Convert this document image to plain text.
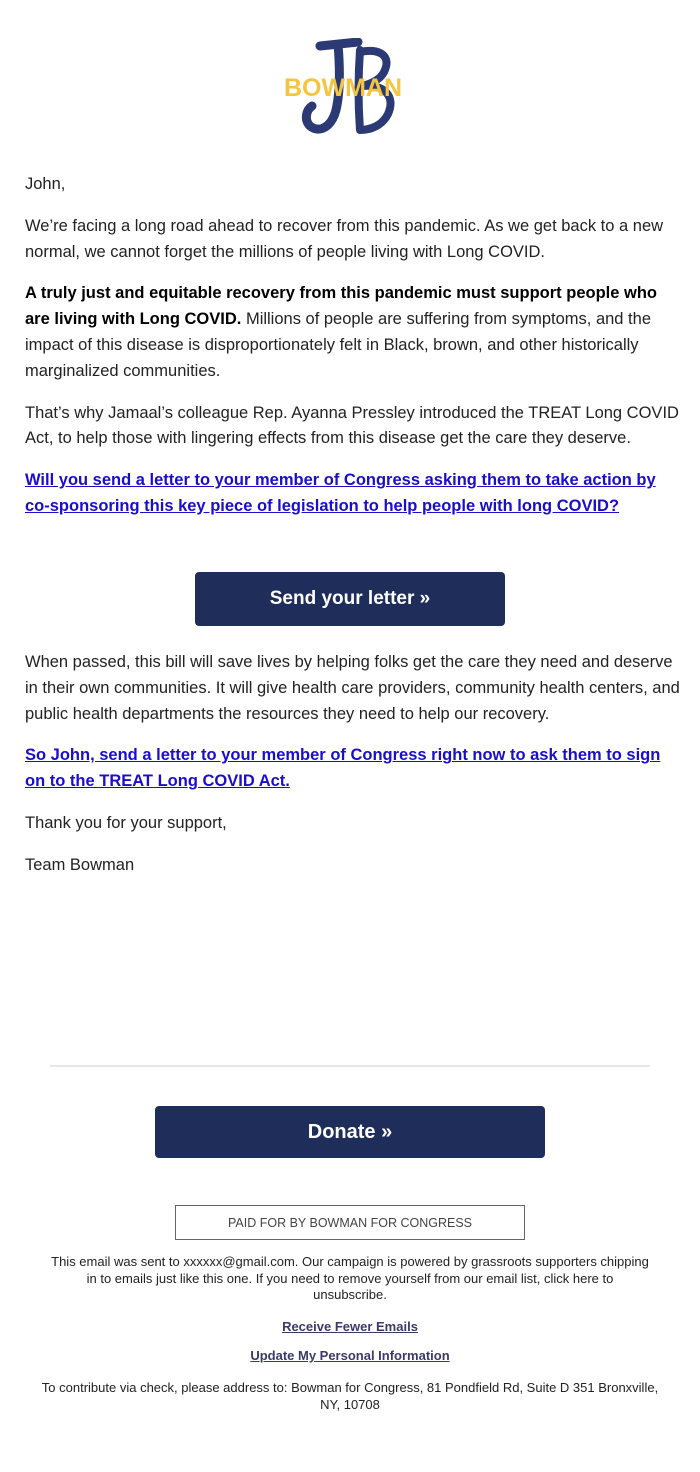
BOWMAN

John,

We’re facing a long road ahead to recover from this pandemic. As we get back to a new normal, we cannot forget the millions of people living with Long COVID.

A truly just and equitable recovery from this pandemic must support people who are living with Long COVID. Millions of people are suffering from symptoms, and the impact of this disease is disproportionately felt in Black, brown, and other historically marginalized communities.

That’s why Jamaal’s colleague Rep. Ayanna Pressley introduced the TREAT Long COVID Act, to help those with lingering effects from this disease get the care they deserve.

Will you send a letter to your member of Congress asking them to take action by co-sponsoring this key piece of legislation to help people with long COVID?

Send your letter »

When passed, this bill will save lives by helping folks get the care they need and deserve in their own communities. It will give health care providers, community health centers, and public health departments the resources they need to help our recovery.

So John, send a letter to your member of Congress right now to ask them to sign on to the TREAT Long COVID Act.

Thank you for your support,

Team Bowman

Donate »
PAID FOR BY BOWMAN FOR CONGRESS
This email was sent to xxxxxx@gmail.com. Our campaign is powered by grassroots supporters chipping in to emails just like this one. If you need to remove yourself from our email list, click here to unsubscribe.
Receive Fewer Emails
Update My Personal Information
To contribute via check, please address to: Bowman for Congress, 81 Pondfield Rd, Suite D 351 Bronxville, NY, 10708
